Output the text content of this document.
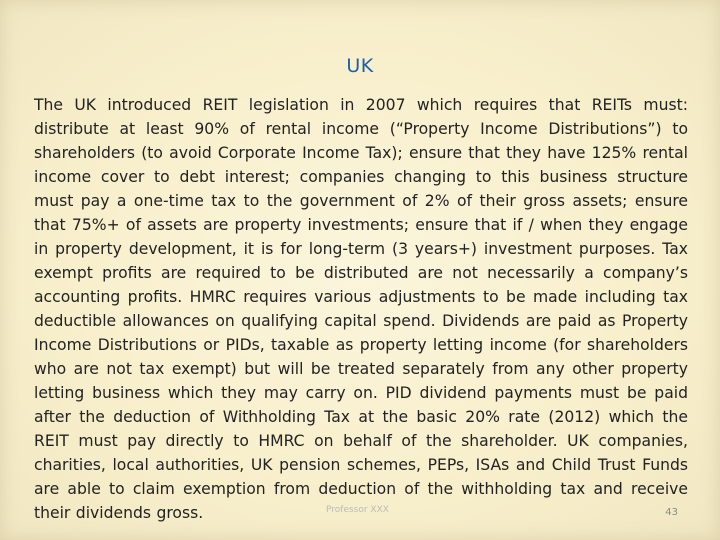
UK

The UK introduced REIT legislation in 2007 which requires that REITs must: distribute at least 90% of rental income (“Property Income Distributions”) to shareholders (to avoid Corporate Income Tax); ensure that they have 125% rental income cover to debt interest; companies changing to this business structure must pay a one-time tax to the government of 2% of their gross assets; ensure that 75%+ of assets are property investments; ensure that if / when they engage in property development, it is for long-term (3 years+) investment purposes. Tax exempt profits are required to be distributed are not necessarily a company’s accounting profits. HMRC requires various adjustments to be made including tax deductible allowances on qualifying capital spend. Dividends are paid as Property Income Distributions or PIDs, taxable as property letting income (for shareholders who are not tax exempt) but will be treated separately from any other property letting business which they may carry on. PID dividend payments must be paid after the deduction of Withholding Tax at the basic 20% rate (2012) which the REIT must pay directly to HMRC on behalf of the shareholder. UK companies, charities, local authorities, UK pension schemes, PEPs, ISAs and Child Trust Funds are able to claim exemption from deduction of the withholding tax and receive their dividends gross.	Professor XXX	43
